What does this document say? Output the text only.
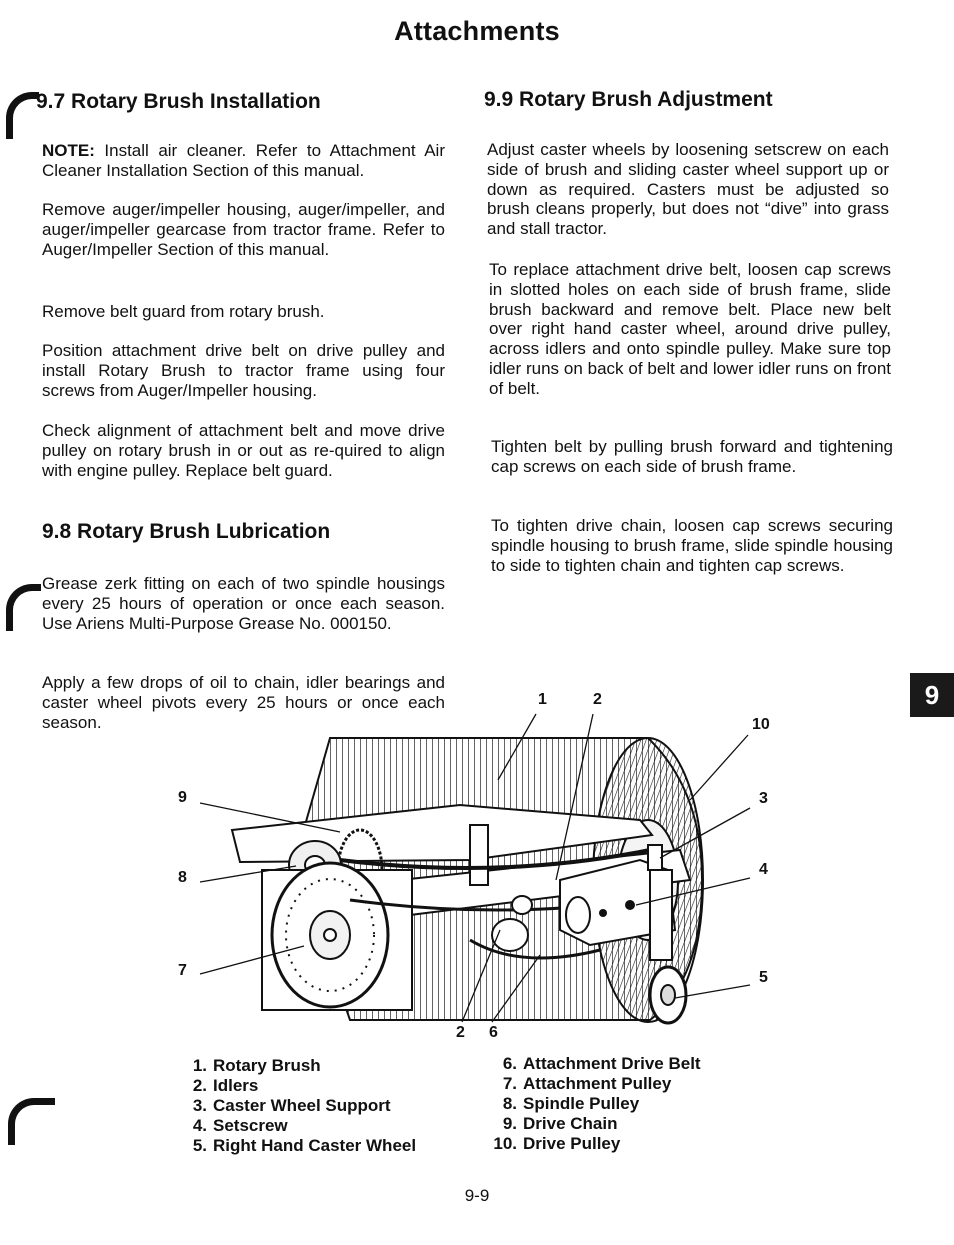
Attachments
9.7 Rotary Brush Installation

NOTE: Install air cleaner. Refer to Attachment Air Cleaner Installation Section of this manual.

Remove auger/impeller housing, auger/impeller, and auger/impeller gearcase from tractor frame. Refer to Auger/Impeller Section of this manual.

Remove belt guard from rotary brush.

Position attachment drive belt on drive pulley and install Rotary Brush to tractor frame using four screws from Auger/Impeller housing.

Check alignment of attachment belt and move drive pulley on rotary brush in or out as re-quired to align with engine pulley. Replace belt guard.

9.8 Rotary Brush Lubrication

Grease zerk fitting on each of two spindle housings every 25 hours of operation or once each season. Use Ariens Multi-Purpose Grease No. 000150.

Apply a few drops of oil to chain, idler bearings and caster wheel pivots every 25 hours or once each season.

9.9 Rotary Brush Adjustment

Adjust caster wheels by loosening setscrew on each side of brush and sliding caster wheel support up or down as required. Casters must be adjusted so brush cleans properly, but does not “dive” into grass and stall tractor.

To replace attachment drive belt, loosen cap screws in slotted holes on each side of brush frame, slide brush backward and remove belt. Place new belt over right hand caster wheel, around drive pulley, across idlers and onto spindle pulley. Make sure top idler runs on back of belt and lower idler runs on front of belt.

Tighten belt by pulling brush forward and tightening cap screws on each side of brush frame.

To tighten drive chain, loosen cap screws securing spindle housing to brush frame, slide spindle housing to side to tighten chain and tighten cap screws.

9
1	2
10
3
4
5
9
8
7
2 6
1. Rotary Brush
2. Idlers
3. Caster Wheel Support
4. Setscrew
5. Right Hand Caster Wheel
6. Attachment Drive Belt
7. Attachment Pulley
8. Spindle Pulley
9. Drive Chain
10. Drive Pulley
9-9
